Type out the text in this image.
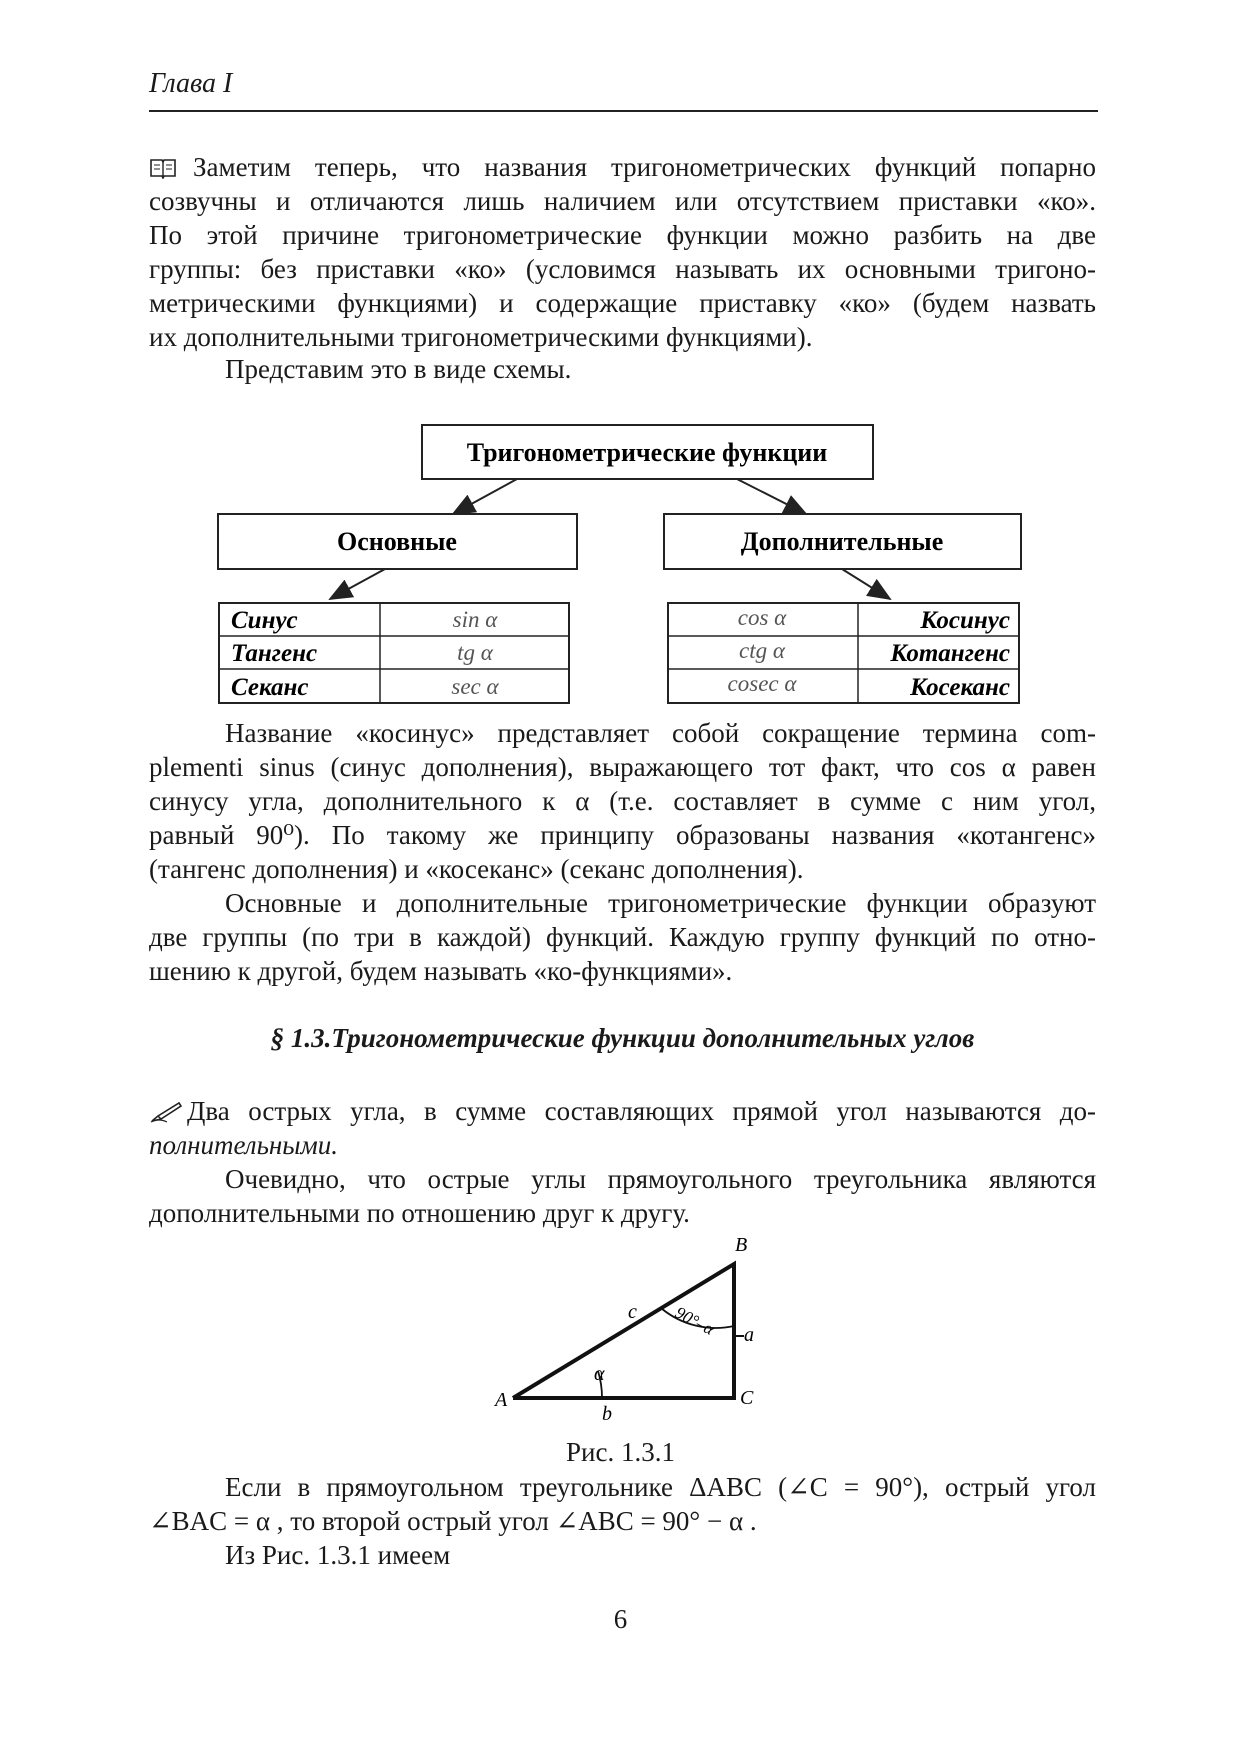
Глава I
Заметим теперь, что названия тригонометрических функций попарно
созвучны и отличаются лишь наличием или отсутствием приставки «ко».
По этой причине тригонометрические функции можно разбить на две
группы: без приставки «ко» (условимся называть их основными тригоно-
метрическими функциями) и содержащие приставку «ко» (будем назвать
их дополнительными тригонометрическими функциями).
Представим это в виде схемы.
Тригонометрические функции
Основные	Дополнительные
Синус	sin α
Тангенс	tg α
Секанс	sec α
cos α	Косинус
ctg α	Котангенс
cosec α	Косеканс
B
A	C
a
b
c
α
90°–α
Название «косинус» представляет собой сокращение термина com-
plementi sinus (синус дополнения), выражающего тот факт, что cos α равен
синусу угла, дополнительного к α (т.е. составляет в сумме с ним угол,
равный 90⁰). По такому же принципу образованы названия «котангенс»
(тангенс дополнения) и «косеканс» (секанс дополнения).
Основные и дополнительные тригонометрические функции образуют
две группы (по три в каждой) функций. Каждую группу функций по отно-
шению к другой, будем называть «ко-функциями».
§ 1.3.Тригонометрические функции дополнительных углов
Два острых угла, в сумме составляющих прямой угол называются до-
полнительными.
Очевидно, что острые углы прямоугольного треугольника являются
дополнительными по отношению друг к другу.
Рис. 1.3.1
Если в прямоугольном треугольнике ΔABC (∠C = 90°), острый угол
∠BAC = α , то второй острый угол ∠ABC = 90° − α .
Из Рис. 1.3.1 имеем
6
